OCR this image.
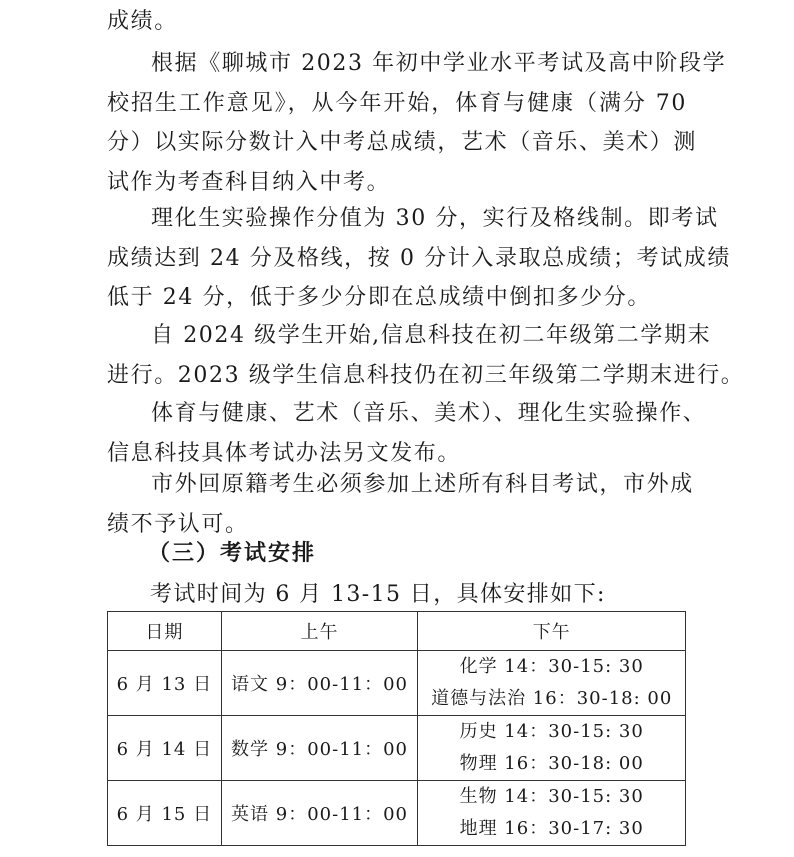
成绩。

根据《聊城市 2023 年初中学业水平考试及高中阶段学
校招生工作意见》，从今年开始，体育与健康（满分 70
分）以实际分数计入中考总成绩，艺术（音乐、美术）测
试作为考查科目纳入中考。

理化生实验操作分值为 30 分，实行及格线制。即考试
成绩达到 24 分及格线，按 0 分计入录取总成绩；考试成绩
低于 24 分，低于多少分即在总成绩中倒扣多少分。

自 2024 级学生开始,信息科技在初二年级第二学期末
进行。2023 级学生信息科技仍在初三年级第二学期末进行。

体育与健康、艺术（音乐、美术）、理化生实验操作、
信息科技具体考试办法另文发布。

市外回原籍考生必须参加上述所有科目考试，市外成
绩不予认可。

（三）考试安排
考试时间为 6 月 13-15 日，具体安排如下:
日期	上午	下午
6 月 13 日	语文 9：00-11：00	化学 14：30-15: 30
道德与法治 16：30-18: 00

6 月 14 日	数学 9：00-11：00	历史 14：30-15: 30
物理 16：30-18: 00

6 月 15 日	英语 9：00-11：00	生物 14：30-15: 30
地理 16：30-17: 30
